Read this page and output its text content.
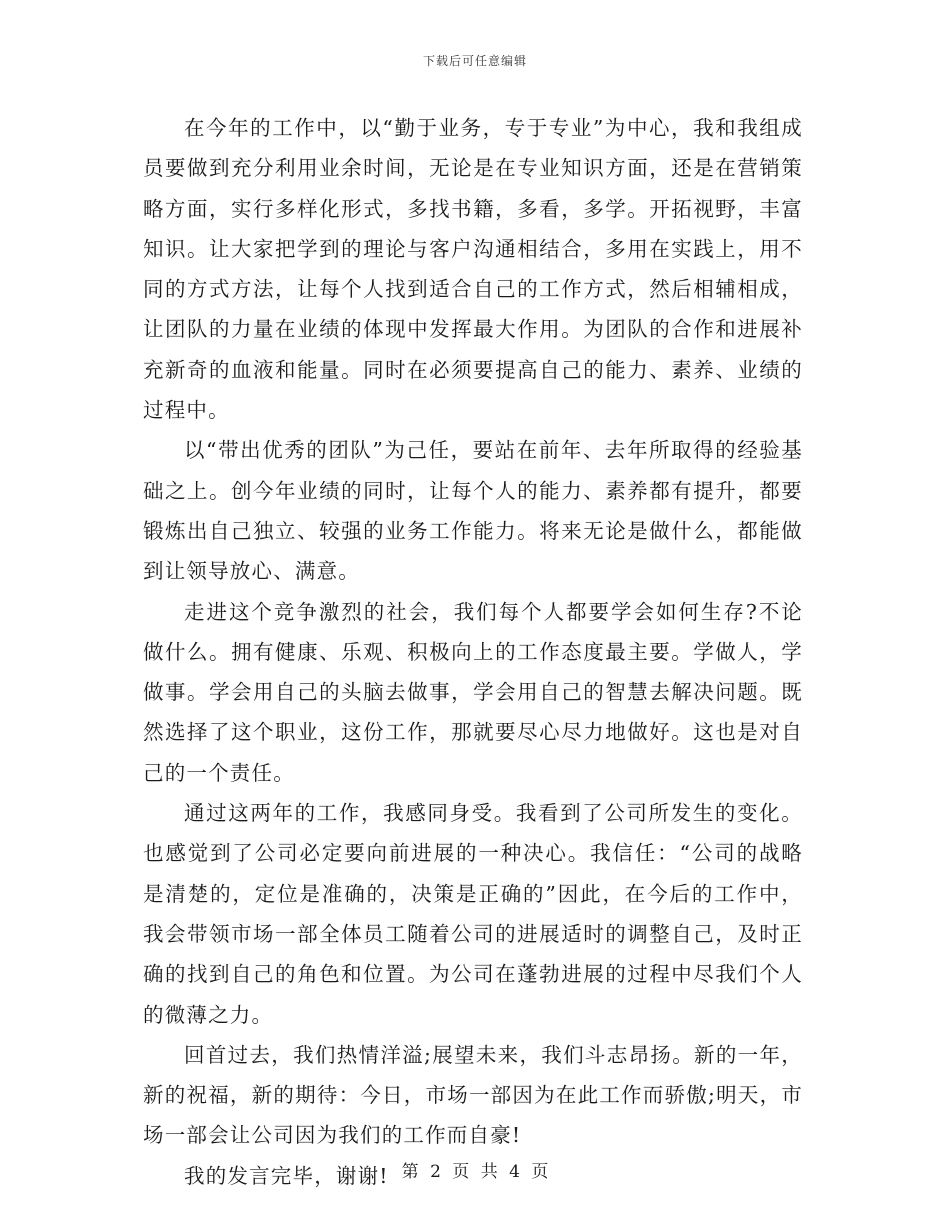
下载后可任意编辑

在今年的工作中，以“勤于业务，专于专业”为中心，我和我组成员要做到充分利用业余时间，无论是在专业知识方面，还是在营销策略方面，实行多样化形式，多找书籍，多看，多学。开拓视野，丰富知识。让大家把学到的理论与客户沟通相结合，多用在实践上，用不同的方式方法，让每个人找到适合自己的工作方式，然后相辅相成，让团队的力量在业绩的体现中发挥最大作用。为团队的合作和进展补充新奇的血液和能量。同时在必须要提高自己的能力、素养、业绩的过程中。

以“带出优秀的团队”为己任，要站在前年、去年所取得的经验基础之上。创今年业绩的同时，让每个人的能力、素养都有提升，都要锻炼出自己独立、较强的业务工作能力。将来无论是做什么，都能做到让领导放心、满意。

走进这个竞争激烈的社会，我们每个人都要学会如何生存?不论做什么。拥有健康、乐观、积极向上的工作态度最主要。学做人，学做事。学会用自己的头脑去做事，学会用自己的智慧去解决问题。既然选择了这个职业，这份工作，那就要尽心尽力地做好。这也是对自己的一个责任。

通过这两年的工作，我感同身受。我看到了公司所发生的变化。也感觉到了公司必定要向前进展的一种决心。我信任：“公司的战略是清楚的，定位是准确的，决策是正确的”因此，在今后的工作中，我会带领市场一部全体员工随着公司的进展适时的调整自己，及时正确的找到自己的角色和位置。为公司在蓬勃进展的过程中尽我们个人的微薄之力。

回首过去，我们热情洋溢;展望未来，我们斗志昂扬。新的一年，新的祝福，新的期待：今日，市场一部因为在此工作而骄傲;明天，市场一部会让公司因为我们的工作而自豪!

我的发言完毕，谢谢! 第 2 页 共 4 页
